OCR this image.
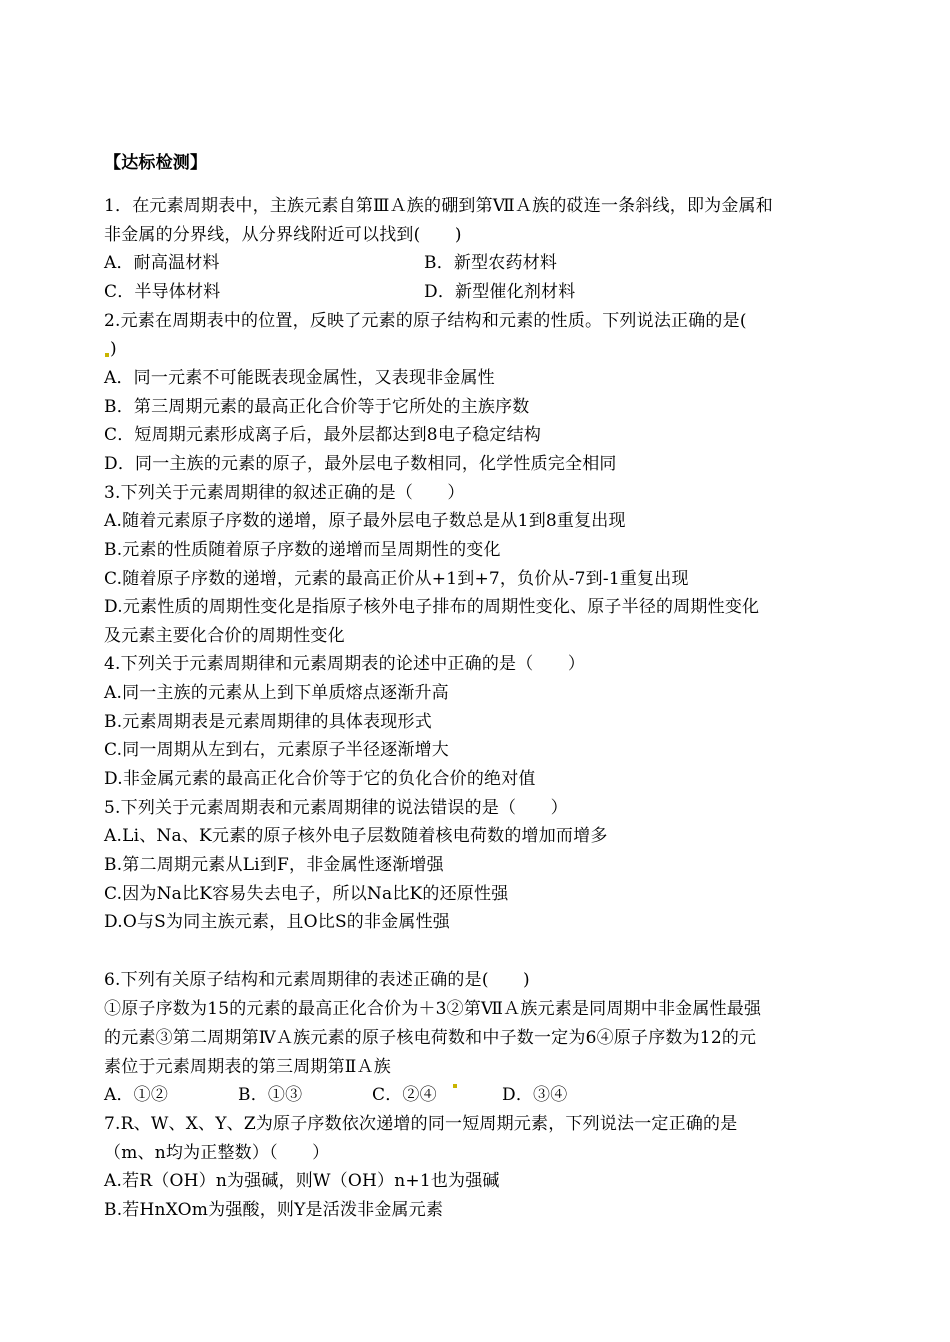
【达标检测】
1．在元素周期表中，主族元素自第ⅢＡ族的硼到第ⅦＡ族的砹连一条斜线，即为金属和
非金属的分界线，从分界线附近可以找到(　　)
A．耐高温材料	B．新型农药材料
C．半导体材料	D．新型催化剂材料
2.元素在周期表中的位置，反映了元素的原子结构和元素的性质。下列说法正确的是(
)
A．同一元素不可能既表现金属性，又表现非金属性
B．第三周期元素的最高正化合价等于它所处的主族序数
C．短周期元素形成离子后，最外层都达到8电子稳定结构
D．同一主族的元素的原子，最外层电子数相同，化学性质完全相同
3.下列关于元素周期律的叙述正确的是（　　）
A.随着元素原子序数的递增，原子最外层电子数总是从1到8重复出现
B.元素的性质随着原子序数的递增而呈周期性的变化
C.随着原子序数的递增，元素的最高正价从+1到+7，负价从-7到-1重复出现
D.元素性质的周期性变化是指原子核外电子排布的周期性变化、原子半径的周期性变化
及元素主要化合价的周期性变化
4.下列关于元素周期律和元素周期表的论述中正确的是（　　）
A.同一主族的元素从上到下单质熔点逐渐升高
B.元素周期表是元素周期律的具体表现形式
C.同一周期从左到右，元素原子半径逐渐增大
D.非金属元素的最高正化合价等于它的负化合价的绝对值
5.下列关于元素周期表和元素周期律的说法错误的是（　　）
A.Li、Na、K元素的原子核外电子层数随着核电荷数的增加而增多
B.第二周期元素从Li到F，非金属性逐渐增强
C.因为Na比K容易失去电子，所以Na比K的还原性强
D.O与S为同主族元素，且O比S的非金属性强
6.下列有关原子结构和元素周期律的表述正确的是(　　)
①原子序数为15的元素的最高正化合价为＋3②第ⅦＡ族元素是同周期中非金属性最强
的元素③第二周期第ⅣＡ族元素的原子核电荷数和中子数一定为6④原子序数为12的元
素位于元素周期表的第三周期第ⅡＡ族
A．①②	B．①③	C．②④	D．③④
7.R、W、X、Y、Z为原子序数依次递增的同一短周期元素，下列说法一定正确的是
（m、n均为正整数）（　　）
A.若R（OH）n为强碱，则W（OH）n+1也为强碱
B.若HnXOm为强酸，则Y是活泼非金属元素
